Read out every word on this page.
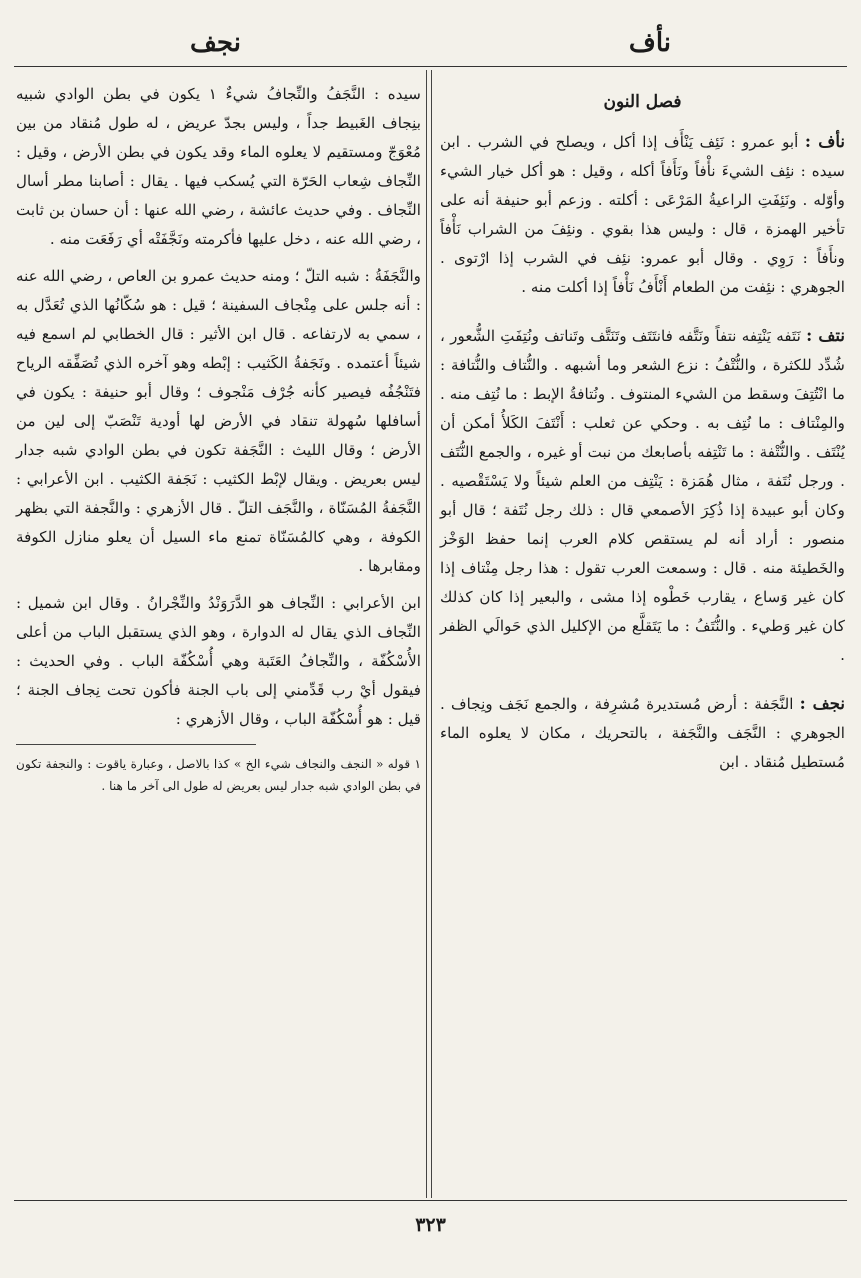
نأف
نجف
فصل النون
نأف : أبو عمرو : نَئِف يَنْأَف إذا أكل ، ويصلح في الشرب . ابن سيده : نئِف الشيءَ نأْفاً ونَأَفاً أكله ، وقيل : هو أكل خيار الشيء وأوّله . ونَئِفَتِ الراعيةُ المَرْعَى : أكلته . وزعم أبو حنيفة أنه على تأخير الهمزة ، قال : وليس هذا بقوي . ونئِفَ من الشراب نَأْفاً ونأَفاً : رَوِي . وقال أبو عمرو: نئِف في الشرب إذا ارْتوى . الجوهري : نئِفت من الطعام أَنْأَفُ نَأْفاً إذا أكلت منه .
نتف : نَتَفه يَنْتِفه نتفاً ونَتَّفه فانتَتَف وتَنَتَّف وتَناتف ونُتِفَتِ الشُّعور ، شُدِّد للكثرة ، والنُّتْفُ : نزع الشعر وما أشبهه . والنُّتاف والنُّتافة : ما انْتُتِفَ وسقط من الشيء المنتوف . ونُتافةُ الإبط : ما نُتِف منه . والمِنْتاف : ما نُتِف به . وحكي عن ثعلب : أَنْتَفَ الكَلأُ أمكن أن يُنْتَف . والنُّتْفة : ما تَنْتِفه بأصابعك من نبت أو غيره ، والجمع النُّتَف . ورجل نُتَفة ، مثال هُمَزة : يَنْتِف من العلم شيئاً ولا يَسْتَقْصيه . وكان أبو عبيدة إذا ذُكِرَ الأصمعي قال : ذلك رجل نُتَفة ؛ قال أبو منصور : أراد أنه لم يستقص كلام العرب إنما حفظ الوَخْز والخَطيئة منه . قال : وسمعت العرب تقول : هذا رجل مِنْتاف إذا كان غير وَساع ، يقارب خَطْوه إذا مشى ، والبعير إذا كان كذلك كان غير وَطيء . والنُّتَفُ : ما يَتَقلَّع من الإكليل الذي حَوالَي الظفر .
نجف : النَّجَفة : أرض مُستديرة مُشرِفة ، والجمع نَجَف ونِجاف . الجوهري : النَّجَف والنَّجَفة ، بالتحريك ، مكان لا يعلوه الماء مُستطيل مُنقاد . ابن
سيده : النَّجَفُ والنِّجافُ شيءٌ ١ يكون في بطن الوادي شبيه بنِجاف الغَبيط جداً ، وليس بجدّ عريض ، له طول مُنقاد من بين مُعْوَجّ ومستقيم لا يعلوه الماء وقد يكون في بطن الأرض ، وقيل : النِّجاف شِعاب الحَرّة التي يُسكب فيها . يقال : أصابنا مطر أسال النِّجاف . وفي حديث عائشة ، رضي الله عنها : أن حسان بن ثابت ، رضي الله عنه ، دخل عليها فأكرمته ونَجَّفَتْه أي رَفَعَت منه .
والنَّجَفَةُ : شبه التلّ ؛ ومنه حديث عمرو بن العاص ، رضي الله عنه : أنه جلس على مِنْجاف السفينة ؛ قيل : هو سُكّانُها الذي تُعَدَّل به ، سمي به لارتفاعه . قال ابن الأثير : قال الخطابي لم اسمع فيه شيئاً أعتمده . ونَجَفةُ الكَثيب : إبْطه وهو آخره الذي تُصَفِّقه الرياح فتَنْجُفُه فيصير كأنه جُرْف مَنْجوف ؛ وقال أبو حنيفة : يكون في أسافلها سُهولة تنقاد في الأرض لها أودية تَنْصَبّ إلى لين من الأرض ؛ وقال الليث : النَّجَفة تكون في بطن الوادي شبه جدار ليس بعريض . ويقال لإبْط الكثيب : نَجَفة الكثيب . ابن الأعرابي : النَّجَفةُ المُسَنّاة ، والنَّجَف التلّ . قال الأزهري : والنَّجفة التي بظهر الكوفة ، وهي كالمُسَنّاة تمنع ماء السيل أن يعلو منازل الكوفة ومقابرها .
ابن الأعرابي : النِّجاف هو الدَّرَوَنْدُ والنِّجْرانُ . وقال ابن شميل : النِّجاف الذي يقال له الدوارة ، وهو الذي يستقبل الباب من أعلى الأُسْكُفّة ، والنِّجافُ العَتَبة وهي أُسْكُفّة الباب . وفي الحديث : فيقول أيْ رب قَدِّمني إلى باب الجنة فأكون تحت نِجاف الجنة ؛ قيل : هو أُسْكُفّة الباب ، وقال الأزهري :
١ قوله « النجف والنجاف شيء الخ » كذا بالاصل ، وعبارة ياقوت : والنجفة تكون في بطن الوادي شبه جدار ليس بعريض له طول الى آخر ما هنا .
٣٢٣
